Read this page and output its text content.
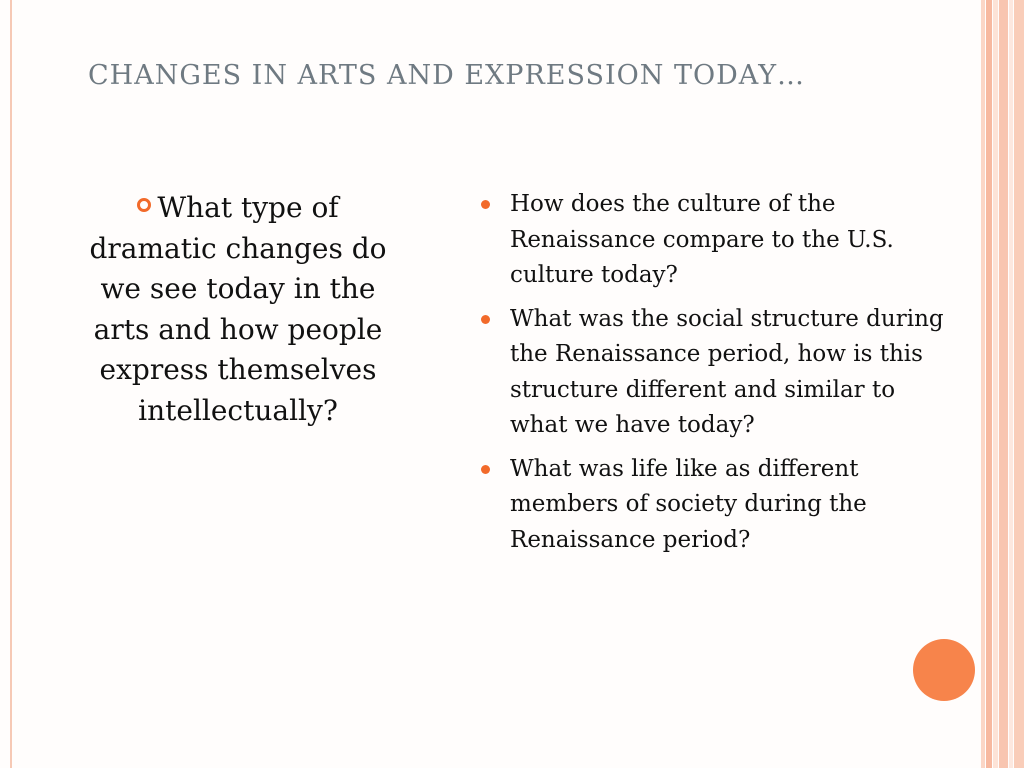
CHANGES IN ARTS AND EXPRESSION TODAY…
What type of dramatic changes do we see today in the arts and how people express themselves intellectually?
How does the culture of the Renaissance compare to the U.S. culture today?
What was the social structure during the Renaissance period, how is this structure different and similar to what we have today?
What was life like as different members of society during the Renaissance period?
